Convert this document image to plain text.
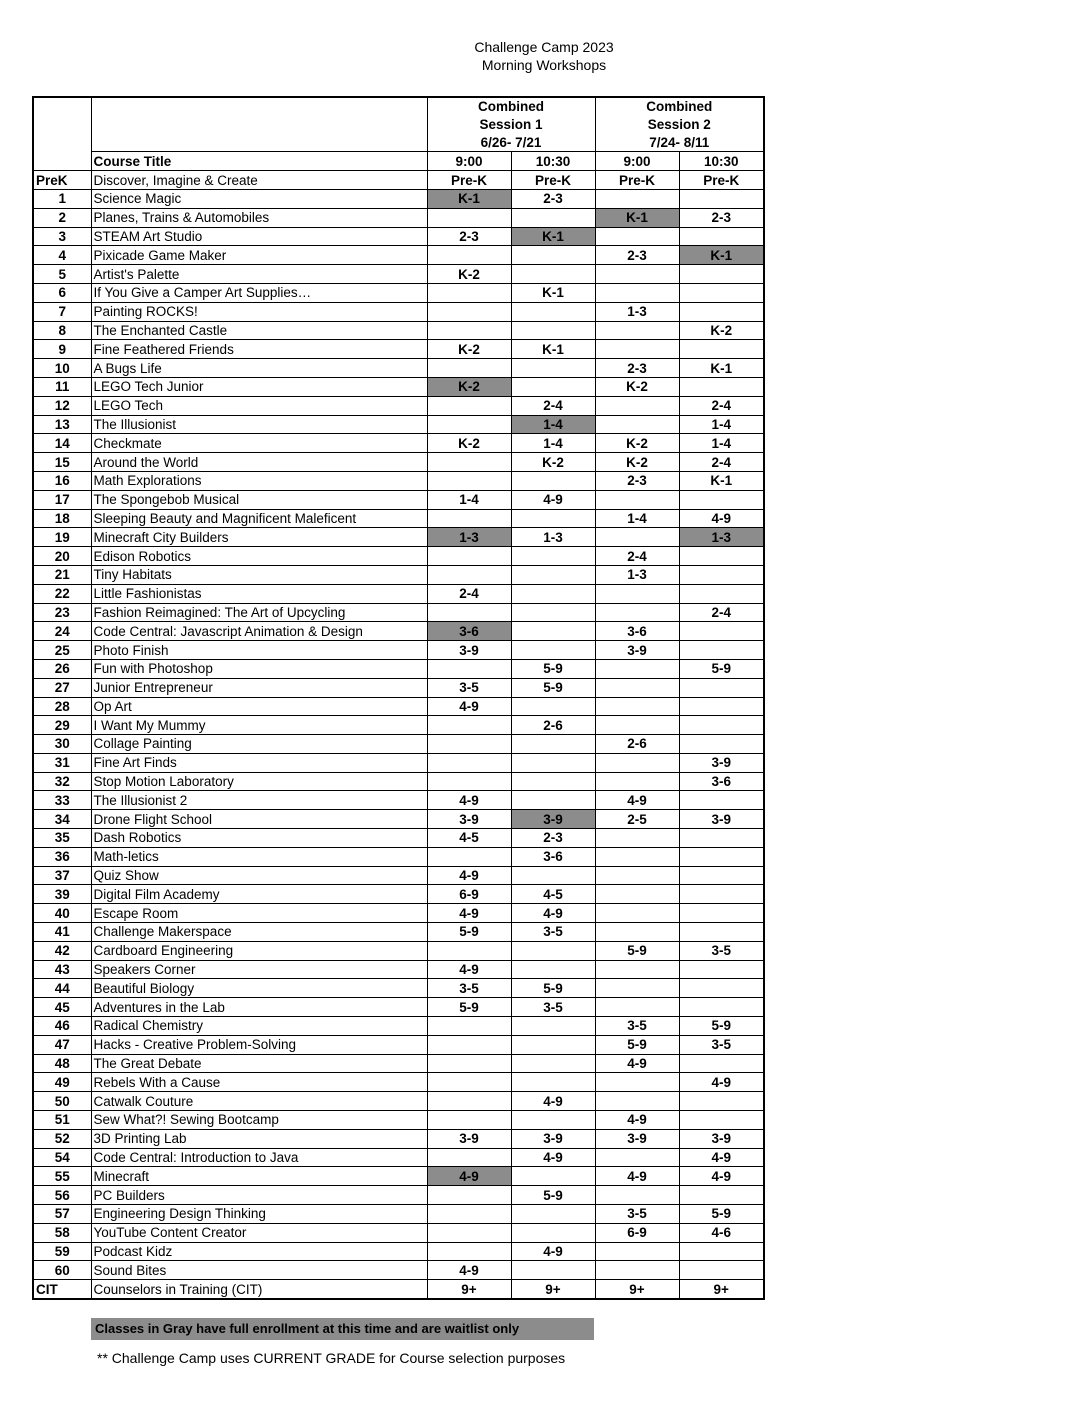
Challenge Camp 2023
Morning Workshops
		Combined		Combined	
		Session 1		Session 2	
		6/26- 7/21		7/24- 8/11	
	Course Title	9:00	10:30	9:00	10:30
PreK	Discover, Imagine & Create	Pre-K	Pre-K	Pre-K	Pre-K
1	Science Magic	K-1	2-3		
2	Planes, Trains & Automobiles			K-1	2-3
3	STEAM Art Studio	2-3	K-1		
4	Pixicade Game Maker			2-3	K-1
5	Artist's Palette	K-2			
6	If You Give a Camper Art Supplies…		K-1		
7	Painting ROCKS!			1-3	
8	The Enchanted Castle				K-2
9	Fine Feathered Friends	K-2	K-1		
10	A Bugs Life			2-3	K-1
11	LEGO Tech Junior	K-2		K-2	
12	LEGO Tech		2-4		2-4
13	The Illusionist		1-4		1-4
14	Checkmate	K-2	1-4	K-2	1-4
15	Around the World		K-2	K-2	2-4
16	Math Explorations			2-3	K-1
17	The Spongebob Musical	1-4	4-9		
18	Sleeping Beauty and Magnificent Maleficent			1-4	4-9
19	Minecraft City Builders	1-3	1-3		1-3
20	Edison Robotics			2-4	
21	Tiny Habitats			1-3	
22	Little Fashionistas	2-4			
23	Fashion Reimagined: The Art of Upcycling				2-4
24	Code Central: Javascript Animation & Design	3-6		3-6	
25	Photo Finish	3-9		3-9	
26	Fun with Photoshop		5-9		5-9
27	Junior Entrepreneur	3-5	5-9		
28	Op Art	4-9			
29	I Want My Mummy		2-6		
30	Collage Painting			2-6	
31	Fine Art Finds				3-9
32	Stop Motion Laboratory				3-6
33	The Illusionist 2	4-9		4-9	
34	Drone Flight School	3-9	3-9	2-5	3-9
35	Dash Robotics	4-5	2-3		
36	Math-letics		3-6		
37	Quiz Show	4-9			
39	Digital Film Academy	6-9	4-5		
40	Escape Room	4-9	4-9		
41	Challenge Makerspace	5-9	3-5		
42	Cardboard Engineering			5-9	3-5
43	Speakers Corner	4-9			
44	Beautiful Biology	3-5	5-9		
45	Adventures in the Lab	5-9	3-5		
46	Radical Chemistry			3-5	5-9
47	Hacks - Creative Problem-Solving			5-9	3-5
48	The Great Debate			4-9	
49	Rebels With a Cause				4-9
50	Catwalk Couture		4-9		
51	Sew What?! Sewing Bootcamp			4-9	
52	3D Printing Lab	3-9	3-9	3-9	3-9
54	Code Central: Introduction to Java		4-9		4-9
55	Minecraft	4-9		4-9	4-9
56	PC Builders		5-9		
57	Engineering Design Thinking			3-5	5-9
58	YouTube Content Creator			6-9	4-6
59	Podcast Kidz		4-9		
60	Sound Bites	4-9			
CIT	Counselors in Training (CIT)	9+	9+	9+	9+
Classes in Gray have full enrollment at this time and are waitlist only
** Challenge Camp uses CURRENT GRADE for Course selection purposes
